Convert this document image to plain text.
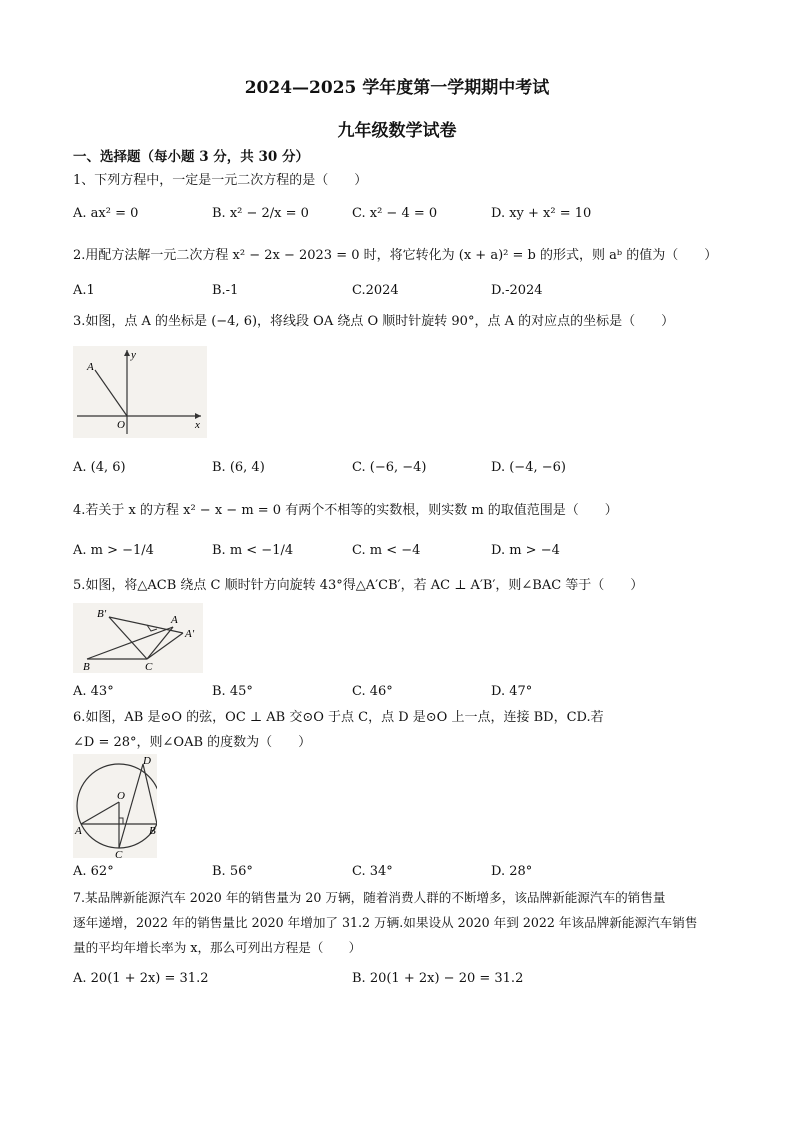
2024—2025 学年度第一学期期中考试
九年级数学试卷
一、选择题（每小题 3 分，共 30 分）
1、下列方程中，一定是一元二次方程的是（　　）
A. ax² = 0	B. x² − 2/x = 0	C. x² − 4 = 0	D. xy + x² = 10
2.用配方法解一元二次方程 x² − 2x − 2023 = 0 时，将它转化为 (x + a)² = b 的形式，则 aᵇ 的值为（　　）
A.1	B.-1	C.2024	D.-2024
3.如图，点 A 的坐标是 (−4, 6)，将线段 OA 绕点 O 顺时针旋转 90°，点 A 的对应点的坐标是（　　）
y
A
O	x
A. (4, 6)	B. (6, 4)	C. (−6, −4)	D. (−4, −6)
4.若关于 x 的方程 x² − x − m = 0 有两个不相等的实数根，则实数 m 的取值范围是（　　）
A. m > −1/4	B. m < −1/4	C. m < −4	D. m > −4
5.如图，将△ACB 绕点 C 顺时针方向旋转 43°得△A′CB′，若 AC ⊥ A′B′，则∠BAC 等于（　　）
B′	A
A′
B	C
A. 43°	B. 45°	C. 46°	D. 47°
6.如图，AB 是⊙O 的弦，OC ⊥ AB 交⊙O 于点 C，点 D 是⊙O 上一点，连接 BD，CD.若
∠D = 28°，则∠OAB 的度数为（　　）
D
O
A	B
C
A. 62°	B. 56°	C. 34°	D. 28°
7.某品牌新能源汽车 2020 年的销售量为 20 万辆，随着消费人群的不断增多，该品牌新能源汽车的销售量
逐年递增，2022 年的销售量比 2020 年增加了 31.2 万辆.如果设从 2020 年到 2022 年该品牌新能源汽车销售
量的平均年增长率为 x，那么可列出方程是（　　）
A. 20(1 + 2x) = 31.2	B. 20(1 + 2x) − 20 = 31.2
